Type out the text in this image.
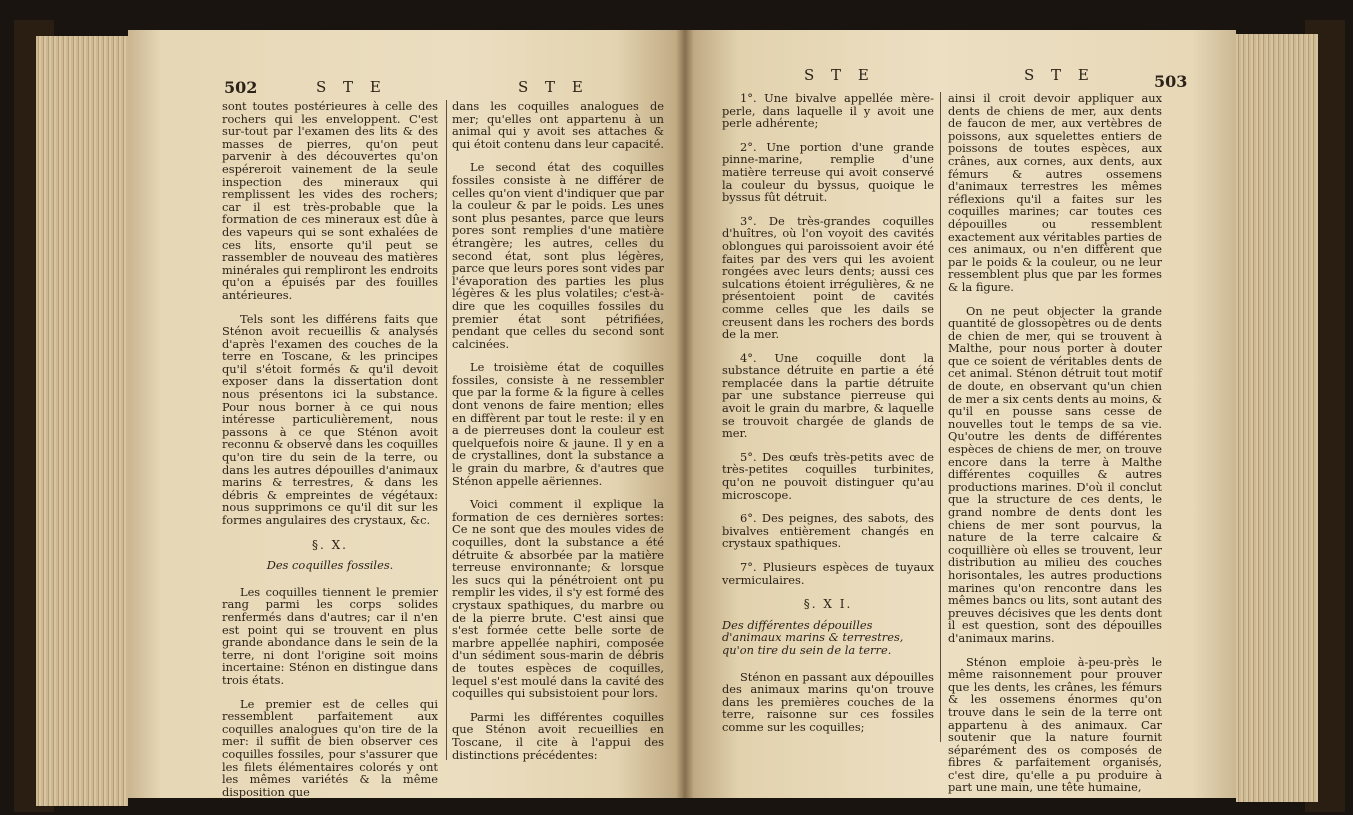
502	S T E	S T E

sont toutes postérieures à celle des rochers qui les enveloppent. C'est sur-tout par l'examen des lits & des masses de pierres, qu'on peut parvenir à des découvertes qu'on espéreroit vainement de la seule inspection des mineraux qui remplissent les vides des rochers; car il est très-probable que la formation de ces mineraux est dûe à des vapeurs qui se sont exhalées de ces lits, ensorte qu'il peut se rassembler de nouveau des matières minérales qui rempliront les endroits qu'on a épuisés par des fouilles antérieures.

Tels sont les différens faits que Sténon avoit recueillis & analysés d'après l'examen des couches de la terre en Toscane, & les principes qu'il s'étoit formés & qu'il devoit exposer dans la dissertation dont nous présentons ici la substance. Pour nous borner à ce qui nous intéresse particulièrement, nous passons à ce que Sténon avoit reconnu & observé dans les coquilles qu'on tire du sein de la terre, ou dans les autres dépouilles d'animaux marins & terrestres, & dans les débris & empreintes de végétaux: nous supprimons ce qu'il dit sur les formes angulaires des crystaux, &c.

§. X.
Des coquilles fossiles.

Les coquilles tiennent le premier rang parmi les corps solides renfermés dans d'autres; car il n'en est point qui se trouvent en plus grande abondance dans le sein de la terre, ni dont l'origine soit moins incertaine: Sténon en distingue dans trois états.

Le premier est de celles qui ressemblent parfaitement aux coquilles analogues qu'on tire de la mer: il suffit de bien observer ces coquilles fossiles, pour s'assurer que les filets élémentaires colorés y ont les mêmes variétés & la même disposition que

dans les coquilles analogues de mer; qu'elles ont appartenu à un animal qui y avoit ses attaches & qui étoit contenu dans leur capacité.

Le second état des coquilles fossiles consiste à ne différer de celles qu'on vient d'indiquer que par la couleur & par le poids. Les unes sont plus pesantes, parce que leurs pores sont remplies d'une matière étrangère; les autres, celles du second état, sont plus légères, parce que leurs pores sont vides par l'évaporation des parties les plus légères & les plus volatiles; c'est-à-dire que les coquilles fossiles du premier état sont pétrifiées, pendant que celles du second sont calcinées.

Le troisième état de coquilles fossiles, consiste à ne ressembler que par la forme & la figure à celles dont venons de faire mention; elles en diffèrent par tout le reste: il y en a de pierreuses dont la couleur est quelquefois noire & jaune. Il y en a de crystallines, dont la substance a le grain du marbre, & d'autres que Sténon appelle aëriennes.

Voici comment il explique la formation de ces dernières sortes: Ce ne sont que des moules vides de coquilles, dont la substance a été détruite & absorbée par la matière terreuse environnante; & lorsque les sucs qui la pénétroient ont pu remplir les vides, il s'y est formé des crystaux spathiques, du marbre ou de la pierre brute. C'est ainsi que s'est formée cette belle sorte de marbre appellée naphiri, composée d'un sédiment sous-marin de débris de toutes espèces de coquilles, lequel s'est moulé dans la cavité des coquilles qui subsistoient pour lors.

Parmi les différentes coquilles que Sténon avoit recueillies en Toscane, il cite à l'appui des distinctions précédentes:

S T E	S T E	503

1°. Une bivalve appellée mère-perle, dans laquelle il y avoit une perle adhérente;

2°. Une portion d'une grande pinne-marine, remplie d'une matière terreuse qui avoit conservé la couleur du byssus, quoique le byssus fût détruit.

3°. De très-grandes coquilles d'huîtres, où l'on voyoit des cavités oblongues qui paroissoient avoir été faites par des vers qui les avoient rongées avec leurs dents; aussi ces sulcations étoient irrégulières, & ne présentoient point de cavités comme celles que les dails se creusent dans les rochers des bords de la mer.

4°. Une coquille dont la substance détruite en partie a été remplacée dans la partie détruite par une substance pierreuse qui avoit le grain du marbre, & laquelle se trouvoit chargée de glands de mer.

5°. Des œufs très-petits avec de très-petites coquilles turbinites, qu'on ne pouvoit distinguer qu'au microscope.

6°. Des peignes, des sabots, des bivalves entièrement changés en crystaux spathiques.

7°. Plusieurs espèces de tuyaux vermiculaires.

§. X I.
Des différentes dépouilles d'animaux marins & terrestres, qu'on tire du sein de la terre.

Sténon en passant aux dépouilles des animaux marins qu'on trouve dans les premières couches de la terre, raisonne sur ces fossiles comme sur les coquilles;

ainsi il croit devoir appliquer aux dents de chiens de mer, aux dents de faucon de mer, aux vertèbres de poissons, aux squelettes entiers de poissons de toutes espèces, aux crânes, aux cornes, aux dents, aux fémurs & autres ossemens d'animaux terrestres les mêmes réflexions qu'il a faites sur les coquilles marines; car toutes ces dépouilles ou ressemblent exactement aux véritables parties de ces animaux, ou n'en diffèrent que par le poids & la couleur, ou ne leur ressemblent plus que par les formes & la figure.

On ne peut objecter la grande quantité de glossopètres ou de dents de chien de mer, qui se trouvent à Malthe, pour nous porter à douter que ce soient de véritables dents de cet animal. Sténon détruit tout motif de doute, en observant qu'un chien de mer a six cents dents au moins, & qu'il en pousse sans cesse de nouvelles tout le temps de sa vie. Qu'outre les dents de différentes espèces de chiens de mer, on trouve encore dans la terre à Malthe différentes coquilles & autres productions marines. D'où il conclut que la structure de ces dents, le grand nombre de dents dont les chiens de mer sont pourvus, la nature de la terre calcaire & coquillière où elles se trouvent, leur distribution au milieu des couches horisontales, les autres productions marines qu'on rencontre dans les mêmes bancs ou lits, sont autant des preuves décisives que les dents dont il est question, sont des dépouilles d'animaux marins.

Sténon emploie à-peu-près le même raisonnement pour prouver que les dents, les crânes, les fémurs & les ossemens énormes qu'on trouve dans le sein de la terre ont appartenu à des animaux. Car soutenir que la nature fournit séparément des os composés de fibres & parfaitement organisés, c'est dire, qu'elle a pu produire à part une main, une tête humaine,
